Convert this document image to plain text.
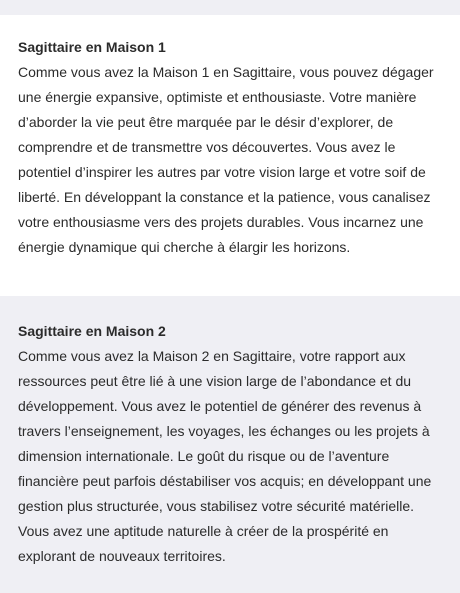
Sagittaire en Maison 1

Comme vous avez la Maison 1 en Sagittaire, vous pouvez dégager une énergie expansive, optimiste et enthousiaste. Votre manière d’aborder la vie peut être marquée par le désir d’explorer, de comprendre et de transmettre vos découvertes. Vous avez le potentiel d’inspirer les autres par votre vision large et votre soif de liberté. En développant la constance et la patience, vous canalisez votre enthousiasme vers des projets durables. Vous incarnez une énergie dynamique qui cherche à élargir les horizons.

Sagittaire en Maison 2

Comme vous avez la Maison 2 en Sagittaire, votre rapport aux ressources peut être lié à une vision large de l’abondance et du développement. Vous avez le potentiel de générer des revenus à travers l’enseignement, les voyages, les échanges ou les projets à dimension internationale. Le goût du risque ou de l’aventure financière peut parfois déstabiliser vos acquis; en développant une gestion plus structurée, vous stabilisez votre sécurité matérielle. Vous avez une aptitude naturelle à créer de la prospérité en explorant de nouveaux territoires.
